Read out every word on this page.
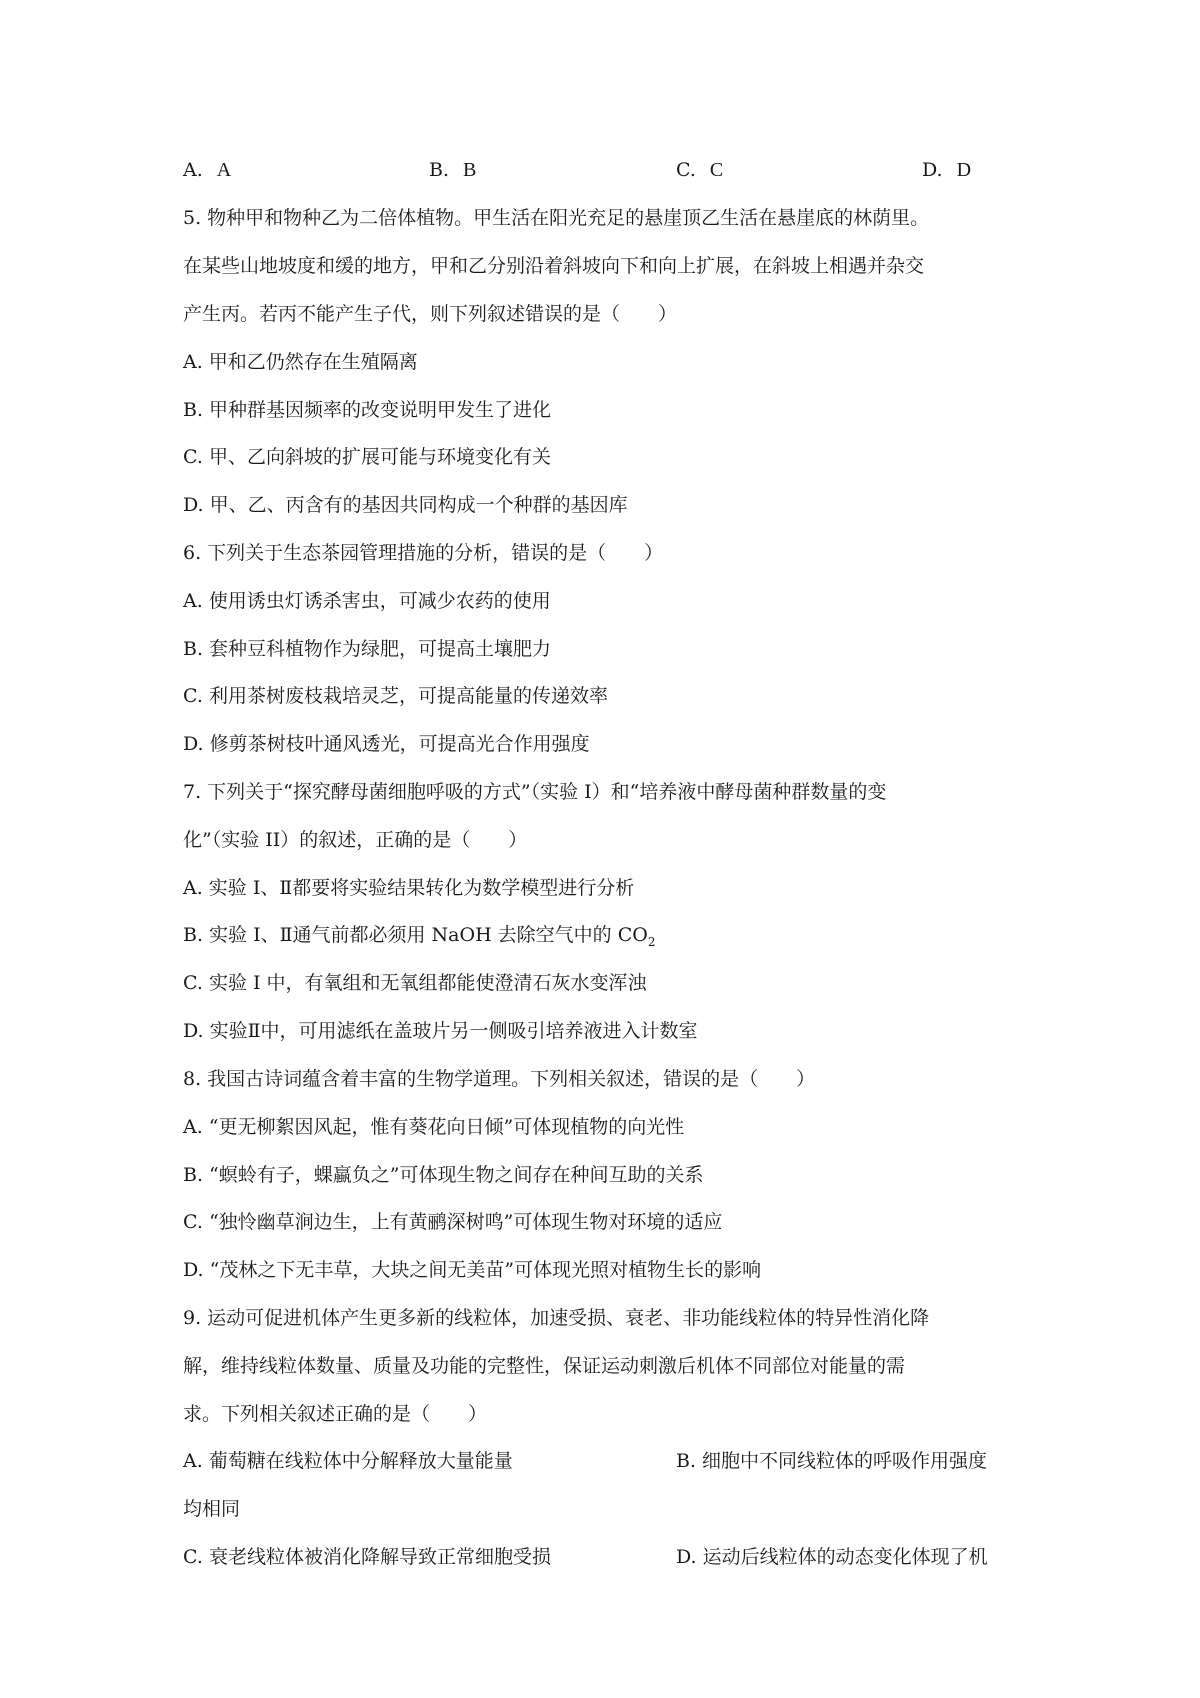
A. A	B. B	C. C	D. D
5. 物种甲和物种乙为二倍体植物。甲生活在阳光充足的悬崖顶乙生活在悬崖底的林荫里。
在某些山地坡度和缓的地方，甲和乙分别沿着斜坡向下和向上扩展，在斜坡上相遇并杂交
产生丙。若丙不能产生子代，则下列叙述错误的是（　　）
A. 甲和乙仍然存在生殖隔离
B. 甲种群基因频率的改变说明甲发生了进化
C. 甲、乙向斜坡的扩展可能与环境变化有关
D. 甲、乙、丙含有的基因共同构成一个种群的基因库
6. 下列关于生态茶园管理措施的分析，错误的是（　　）
A. 使用诱虫灯诱杀害虫，可减少农药的使用
B. 套种豆科植物作为绿肥，可提高土壤肥力
C. 利用茶树废枝栽培灵芝，可提高能量的传递效率
D. 修剪茶树枝叶通风透光，可提高光合作用强度
7. 下列关于“探究酵母菌细胞呼吸的方式”（实验 I）和“培养液中酵母菌种群数量的变
化”（实验 II）的叙述，正确的是（　　）
A. 实验 I、Ⅱ都要将实验结果转化为数学模型进行分析
B. 实验 I、Ⅱ通气前都必须用 NaOH 去除空气中的 $CO_2$
C. 实验 I 中，有氧组和无氧组都能使澄清石灰水变浑浊
D. 实验Ⅱ中，可用滤纸在盖玻片另一侧吸引培养液进入计数室
8. 我国古诗词蕴含着丰富的生物学道理。下列相关叙述，错误的是（　　）
A. “更无柳絮因风起，惟有葵花向日倾”可体现植物的向光性
B. “螟蛉有子，蜾蠃负之”可体现生物之间存在种间互助的关系
C. “独怜幽草涧边生，上有黄鹂深树鸣”可体现生物对环境的适应
D. “茂林之下无丰草，大块之间无美苗”可体现光照对植物生长的影响
9. 运动可促进机体产生更多新的线粒体，加速受损、衰老、非功能线粒体的特异性消化降
解，维持线粒体数量、质量及功能的完整性，保证运动刺激后机体不同部位对能量的需
求。下列相关叙述正确的是（　　）
A. 葡萄糖在线粒体中分解释放大量能量	B. 细胞中不同线粒体的呼吸作用强度
均相同
C. 衰老线粒体被消化降解导致正常细胞受损	D. 运动后线粒体的动态变化体现了机
